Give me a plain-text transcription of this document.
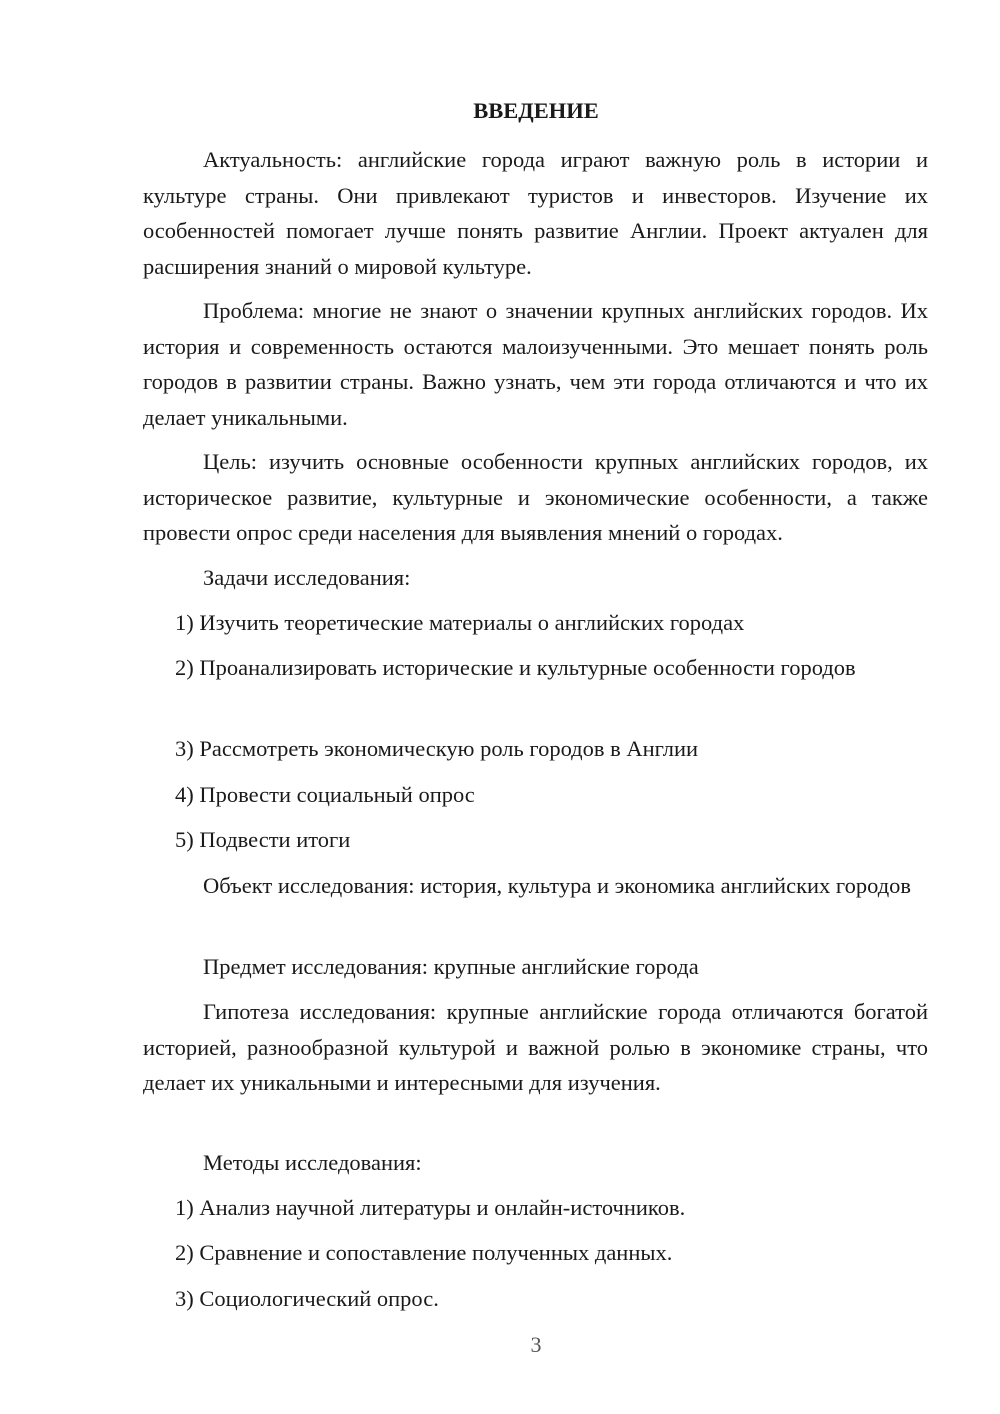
ВВЕДЕНИЕ

Актуальность: английские города играют важную роль в истории и культуре страны. Они привлекают туристов и инвесторов. Изучение их особенностей помогает лучше понять развитие Англии. Проект актуален для расширения знаний о мировой культуре.

Проблема: многие не знают о значении крупных английских городов. Их история и современность остаются малоизученными. Это мешает понять роль городов в развитии страны. Важно узнать, чем эти города отличаются и что их делает уникальными.

Цель: изучить основные особенности крупных английских городов, их историческое развитие, культурные и экономические особенности, а также провести опрос среди населения для выявления мнений о городах.

Задачи исследования:

1) Изучить теоретические материалы о английских городах

2) Проанализировать исторические и культурные особенности городов

3) Рассмотреть экономическую роль городов в Англии

4) Провести социальный опрос

5) Подвести итоги

Объект исследования: история, культура и экономика английских городов

Предмет исследования: крупные английские города

Гипотеза исследования: крупные английские города отличаются богатой историей, разнообразной культурой и важной ролью в экономике страны, что делает их уникальными и интересными для изучения.

Методы исследования:

1) Анализ научной литературы и онлайн-источников.

2) Сравнение и сопоставление полученных данных.

3) Социологический опрос.

3
